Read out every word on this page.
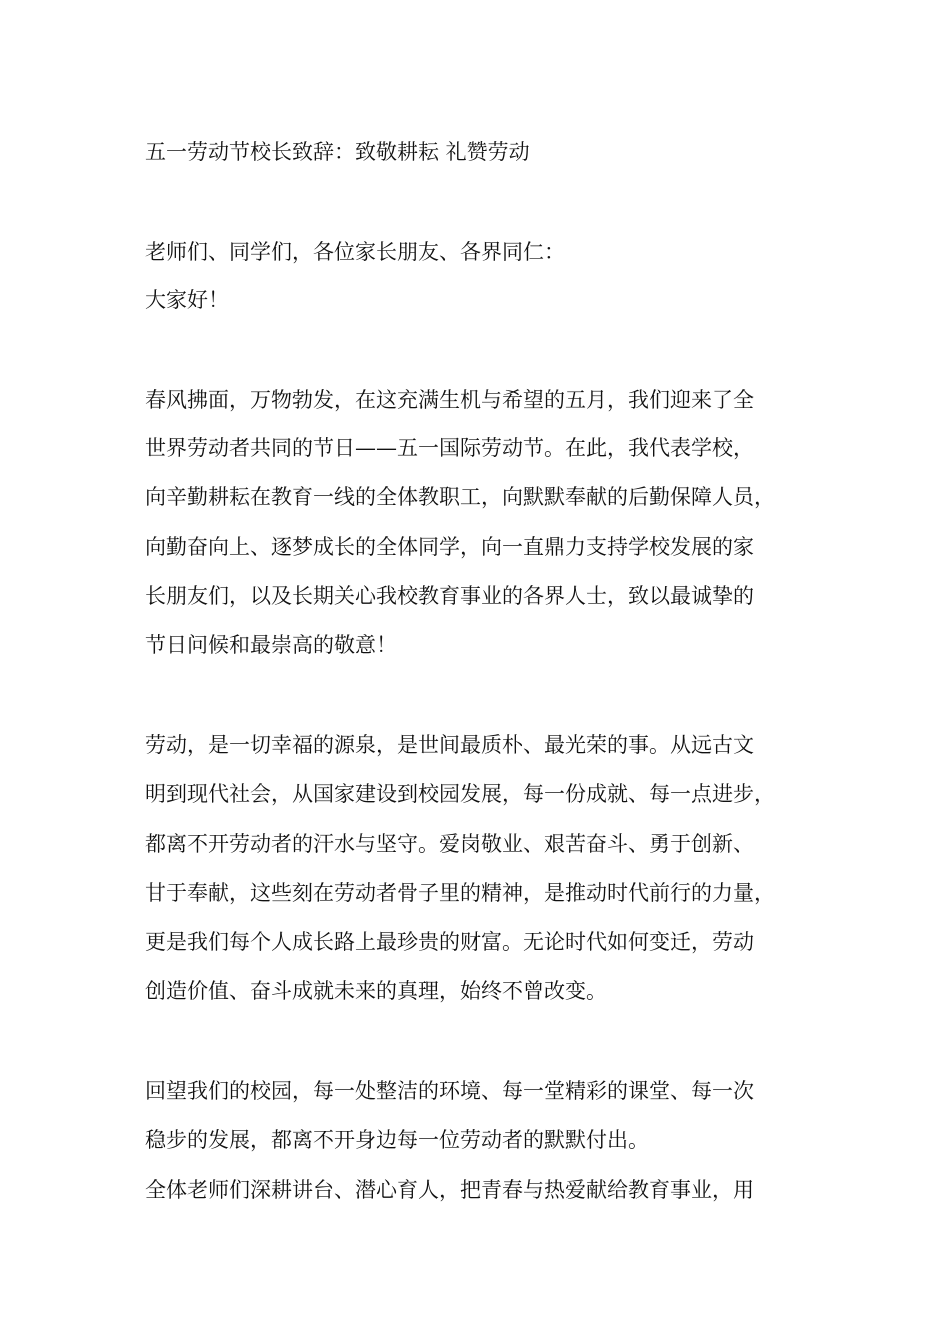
五一劳动节校长致辞：致敬耕耘 礼赞劳动
老师们、同学们，各位家长朋友、各界同仁：
大家好！
春风拂面，万物勃发，在这充满生机与希望的五月，我们迎来了全
世界劳动者共同的节日——五一国际劳动节。在此，我代表学校，
向辛勤耕耘在教育一线的全体教职工，向默默奉献的后勤保障人员，
向勤奋向上、逐梦成长的全体同学，向一直鼎力支持学校发展的家
长朋友们，以及长期关心我校教育事业的各界人士，致以最诚挚的
节日问候和最崇高的敬意！
劳动，是一切幸福的源泉，是世间最质朴、最光荣的事。从远古文
明到现代社会，从国家建设到校园发展，每一份成就、每一点进步，
都离不开劳动者的汗水与坚守。爱岗敬业、艰苦奋斗、勇于创新、
甘于奉献，这些刻在劳动者骨子里的精神，是推动时代前行的力量，
更是我们每个人成长路上最珍贵的财富。无论时代如何变迁，劳动
创造价值、奋斗成就未来的真理，始终不曾改变。
回望我们的校园，每一处整洁的环境、每一堂精彩的课堂、每一次
稳步的发展，都离不开身边每一位劳动者的默默付出。
全体老师们深耕讲台、潜心育人，把青春与热爱献给教育事业，用
